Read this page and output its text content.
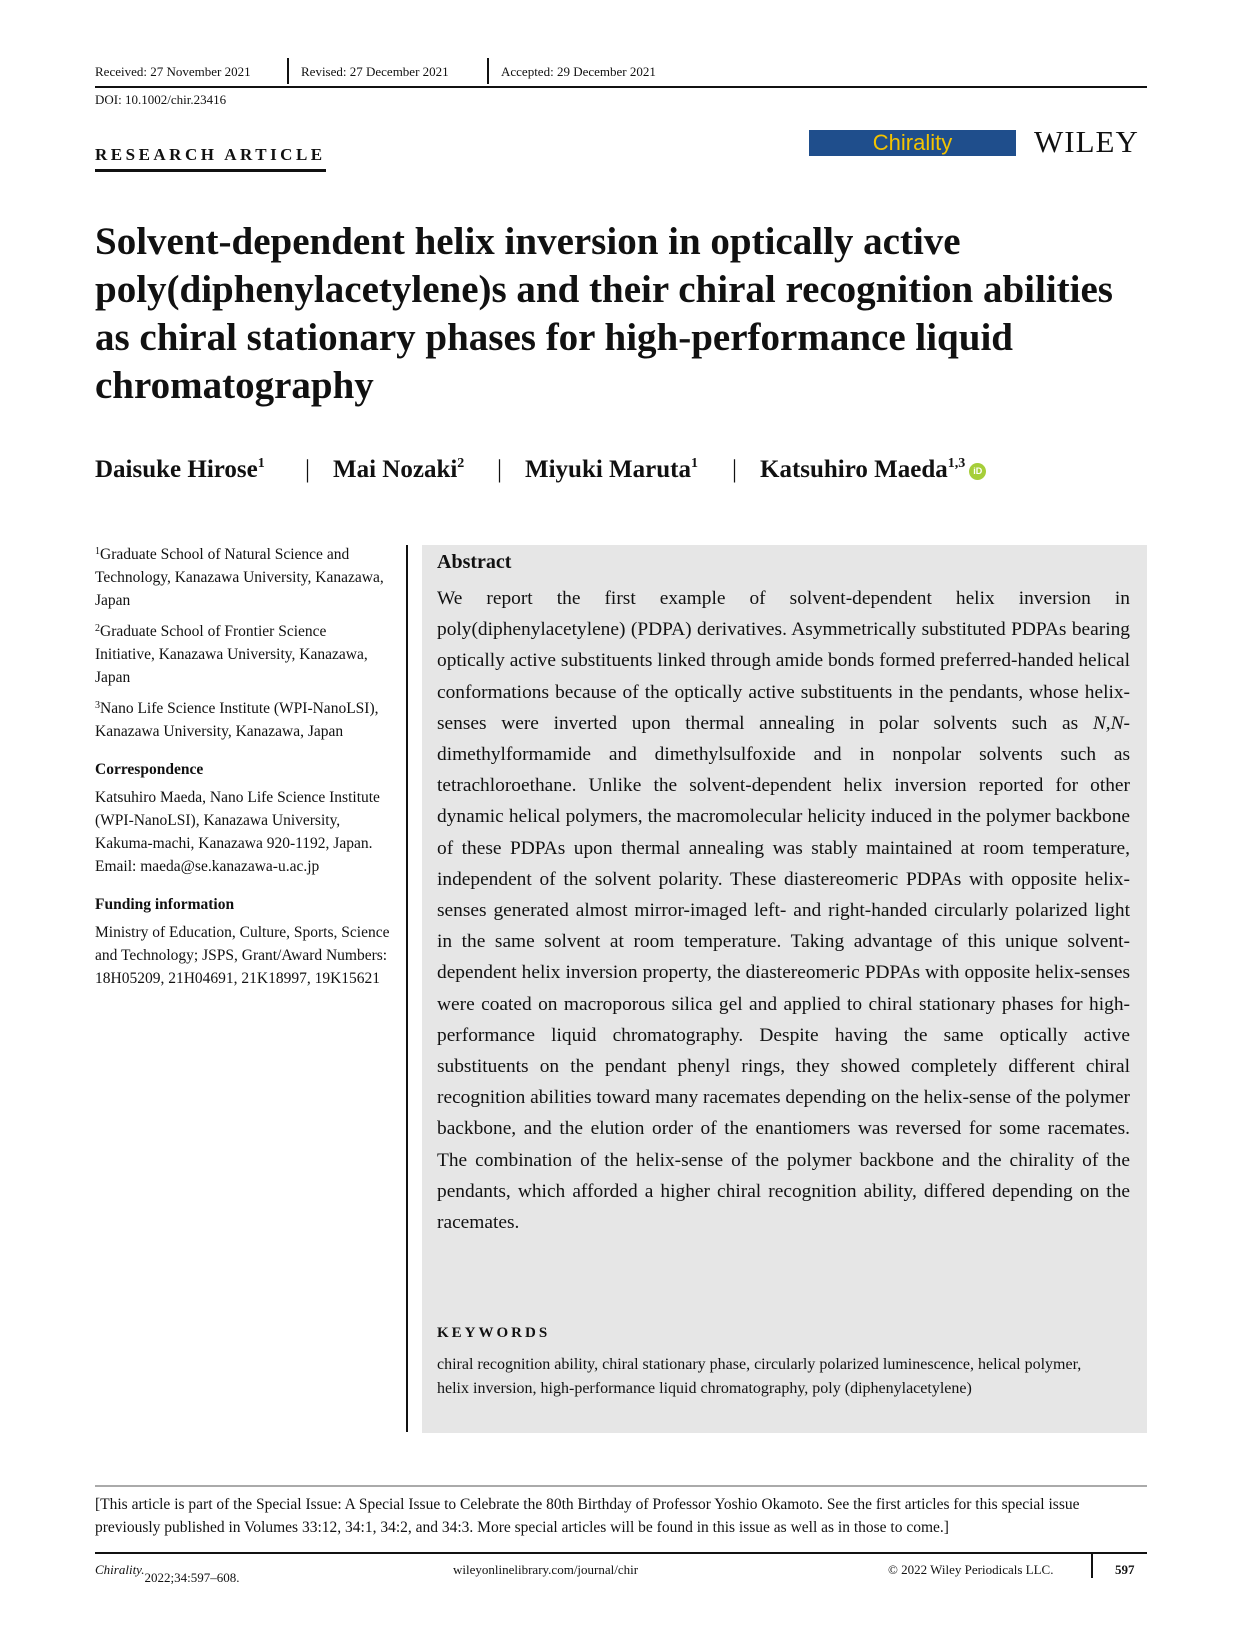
Received: 27 November 2021	Revised: 27 December 2021	Accepted: 29 December 2021
DOI: 10.1002/chir.23416
RESEARCH ARTICLE	Chirality	WILEY
Solvent-dependent helix inversion in optically active poly(diphenylacetylene)s and their chiral recognition abilities as chiral stationary phases for high-performance liquid chromatography
Daisuke Hirose$^1$ | Mai Nozaki$^2$ | Miyuki Maruta$^1$ | Katsuhiro Maeda$^{1,3}$ iD

$^1$Graduate School of Natural Science and Technology, Kanazawa University, Kanazawa, Japan

$^2$Graduate School of Frontier Science Initiative, Kanazawa University, Kanazawa, Japan

$^3$Nano Life Science Institute (WPI-NanoLSI), Kanazawa University, Kanazawa, Japan

Correspondence

Katsuhiro Maeda, Nano Life Science Institute (WPI-NanoLSI), Kanazawa University, Kakuma-machi, Kanazawa 920-1192, Japan.

Email: maeda@se.kanazawa-u.ac.jp

Funding information

Ministry of Education, Culture, Sports, Science and Technology; JSPS, Grant/Award Numbers: 18H05209, 21H04691, 21K18997, 19K15621

Abstract

We report the first example of solvent-dependent helix inversion in poly(diphenylacetylene) (PDPA) derivatives. Asymmetrically substituted PDPAs bearing optically active substituents linked through amide bonds formed preferred-handed helical conformations because of the optically active substituents in the pendants, whose helix-senses were inverted upon thermal annealing in polar solvents such as N,N-dimethylformamide and dimethylsulfoxide and in nonpolar solvents such as tetrachloroethane. Unlike the solvent-dependent helix inversion reported for other dynamic helical polymers, the macromolecular helicity induced in the polymer backbone of these PDPAs upon thermal annealing was stably maintained at room temperature, independent of the solvent polarity. These diastereomeric PDPAs with opposite helix-senses generated almost mirror-imaged left- and right-handed circularly polarized light in the same solvent at room temperature. Taking advantage of this unique solvent-dependent helix inversion property, the diastereomeric PDPAs with opposite helix-senses were coated on macroporous silica gel and applied to chiral stationary phases for high-performance liquid chromatography. Despite having the same optically active substituents on the pendant phenyl rings, they showed completely different chiral recognition abilities toward many racemates depending on the helix-sense of the polymer backbone, and the elution order of the enantiomers was reversed for some racemates. The combination of the helix-sense of the polymer backbone and the chirality of the pendants, which afforded a higher chiral recognition ability, differed depending on the racemates.

KEYWORDS

chiral recognition ability, chiral stationary phase, circularly polarized luminescence, helical polymer, helix inversion, high-performance liquid chromatography, poly (diphenylacetylene)

[This article is part of the Special Issue: A Special Issue to Celebrate the 80th Birthday of Professor Yoshio Okamoto. See the first articles for this special issue previously published in Volumes 33:12, 34:1, 34:2, and 34:3. More special articles will be found in this issue as well as in those to come.]

Chirality.
2022;34:597–608.
wileyonlinelibrary.com/journal/chir	© 2022 Wiley Periodicals LLC.	597
